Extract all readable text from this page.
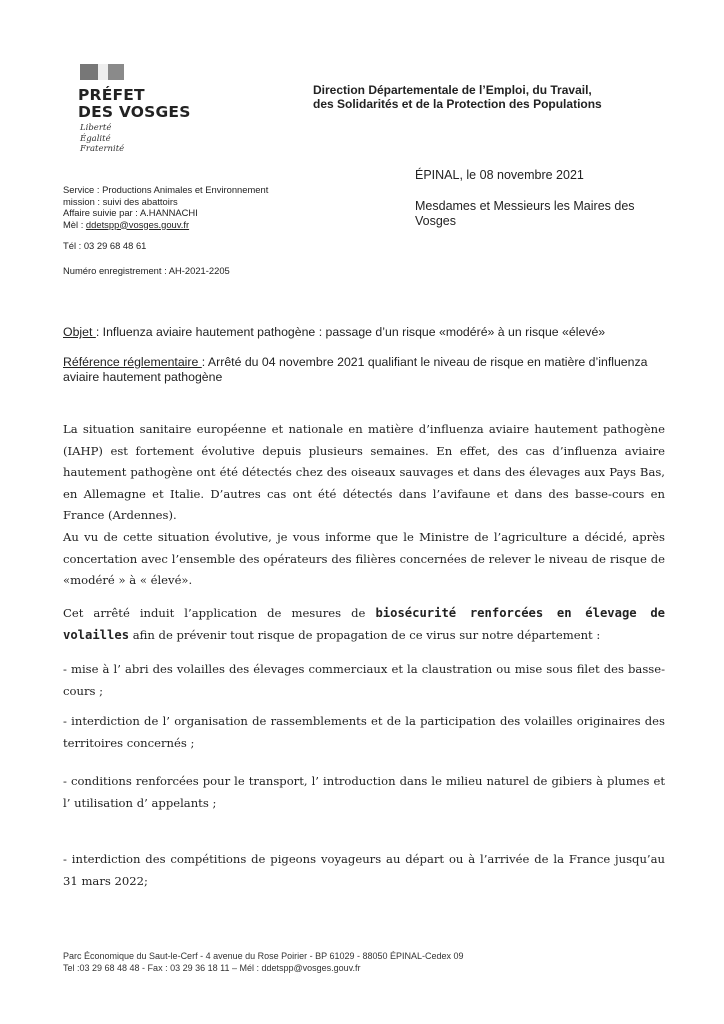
PRÉFET
DES VOSGES
Liberté
Égalité
Fraternité
Direction Départementale de l’Emploi, du Travail,
des Solidarités et de la Protection des Populations
Service : Productions Animales et Environnement
mission : suivi des abattoirs
Affaire suivie par : A.HANNACHI
Mèl : ddetspp@vosges.gouv.fr
Tél : 03 29 68 48 61
Numéro enregistrement : AH-2021-2205
ÉPINAL, le 08 novembre 2021
Mesdames et Messieurs les Maires des Vosges
Objet : Influenza aviaire hautement pathogène : passage d’un risque «modéré» à un risque «élevé»
Référence réglementaire : Arrêté du 04 novembre 2021 qualifiant le niveau de risque en matière d’influenza aviaire hautement pathogène
La situation sanitaire européenne et nationale en matière d’influenza aviaire hautement pathogène (IAHP) est fortement évolutive depuis plusieurs semaines. En effet, des cas d’influenza aviaire hautement pathogène ont été détectés chez des oiseaux sauvages et dans des élevages aux Pays Bas, en Allemagne et Italie. D’autres cas ont été détectés dans l’avifaune et dans des basse-cours en France (Ardennes).
Au vu de cette situation évolutive, je vous informe que le Ministre de l’agriculture a décidé, après concertation avec l’ensemble des opérateurs des filières concernées de relever le niveau de risque de «modéré » à « élevé».
Cet arrêté induit l’application de mesures de biosécurité renforcées en élevage de volailles afin de prévenir tout risque de propagation de ce virus sur notre département :
- mise à l’ abri des volailles des élevages commerciaux et la claustration ou mise sous filet des basse-cours ;
- interdiction de l’ organisation de rassemblements et de la participation des volailles originaires des territoires concernés ;
- conditions renforcées pour le transport, l’ introduction dans le milieu naturel de gibiers à plumes et l’ utilisation d’ appelants ;
- interdiction des compétitions de pigeons voyageurs au départ ou à l’arrivée de la France jusqu’au 31 mars 2022;
Parc Économique du Saut-le-Cerf - 4 avenue du Rose Poirier - BP 61029 - 88050 ÉPINAL-Cedex 09
Tel :03 29 68 48 48 - Fax : 03 29 36 18 11 – Mél : ddetspp@vosges.gouv.fr
